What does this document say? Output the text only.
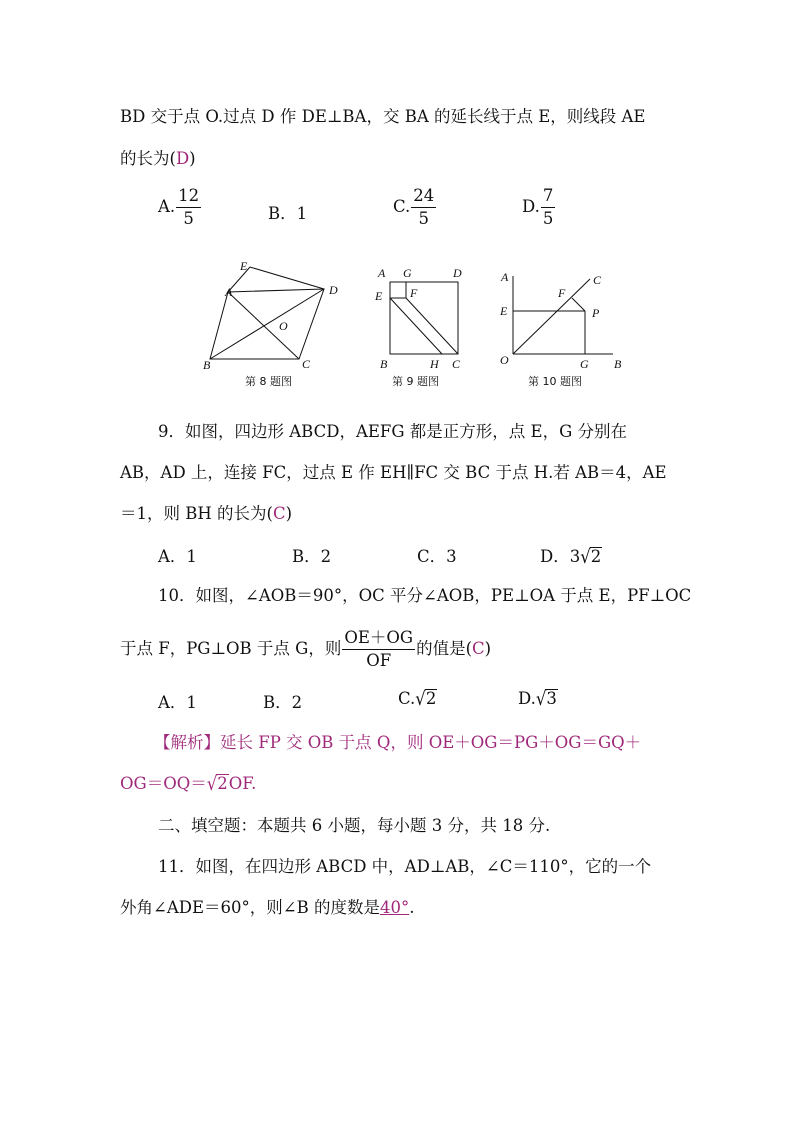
BD 交于点 O.过点 D 作 DE⊥BA，交 BA 的延长线于点 E，则线段 AE
的长为(D)
A. $\frac{12}{5}$	B．1	C. $\frac{24}{5}$	D. $\frac{7}{5}$
E
A	D
O
B	C
第 8 题图
A G	D
E F
B	H C
第 9 题图
A	C
F
E	P
O	G B
第 10 题图
9．如图，四边形 ABCD，AEFG 都是正方形，点 E，G 分别在
AB，AD 上，连接 FC，过点 E 作 EH∥FC 交 BC 于点 H.若 AB＝4，AE
＝1，则 BH 的长为(C)
A．1	B．2	C．3	D．3√2
10．如图，∠AOB＝90°，OC 平分∠AOB，PE⊥OA 于点 E，PF⊥OC
于点 F，PG⊥OB 于点 G，则 $\frac{OE+OG}{OF}$ 的值是(C)
A．1	B．2	C.√2	D.√3
【解析】延长 FP 交 OB 于点 Q，则 OE＋OG＝PG＋OG＝GQ＋
OG＝OQ＝√2OF.
二、填空题：本题共 6 小题，每小题 3 分，共 18 分.
11．如图，在四边形 ABCD 中，AD⊥AB，∠C＝110°，它的一个
外角∠ADE＝60°，则∠B 的度数是40°.
